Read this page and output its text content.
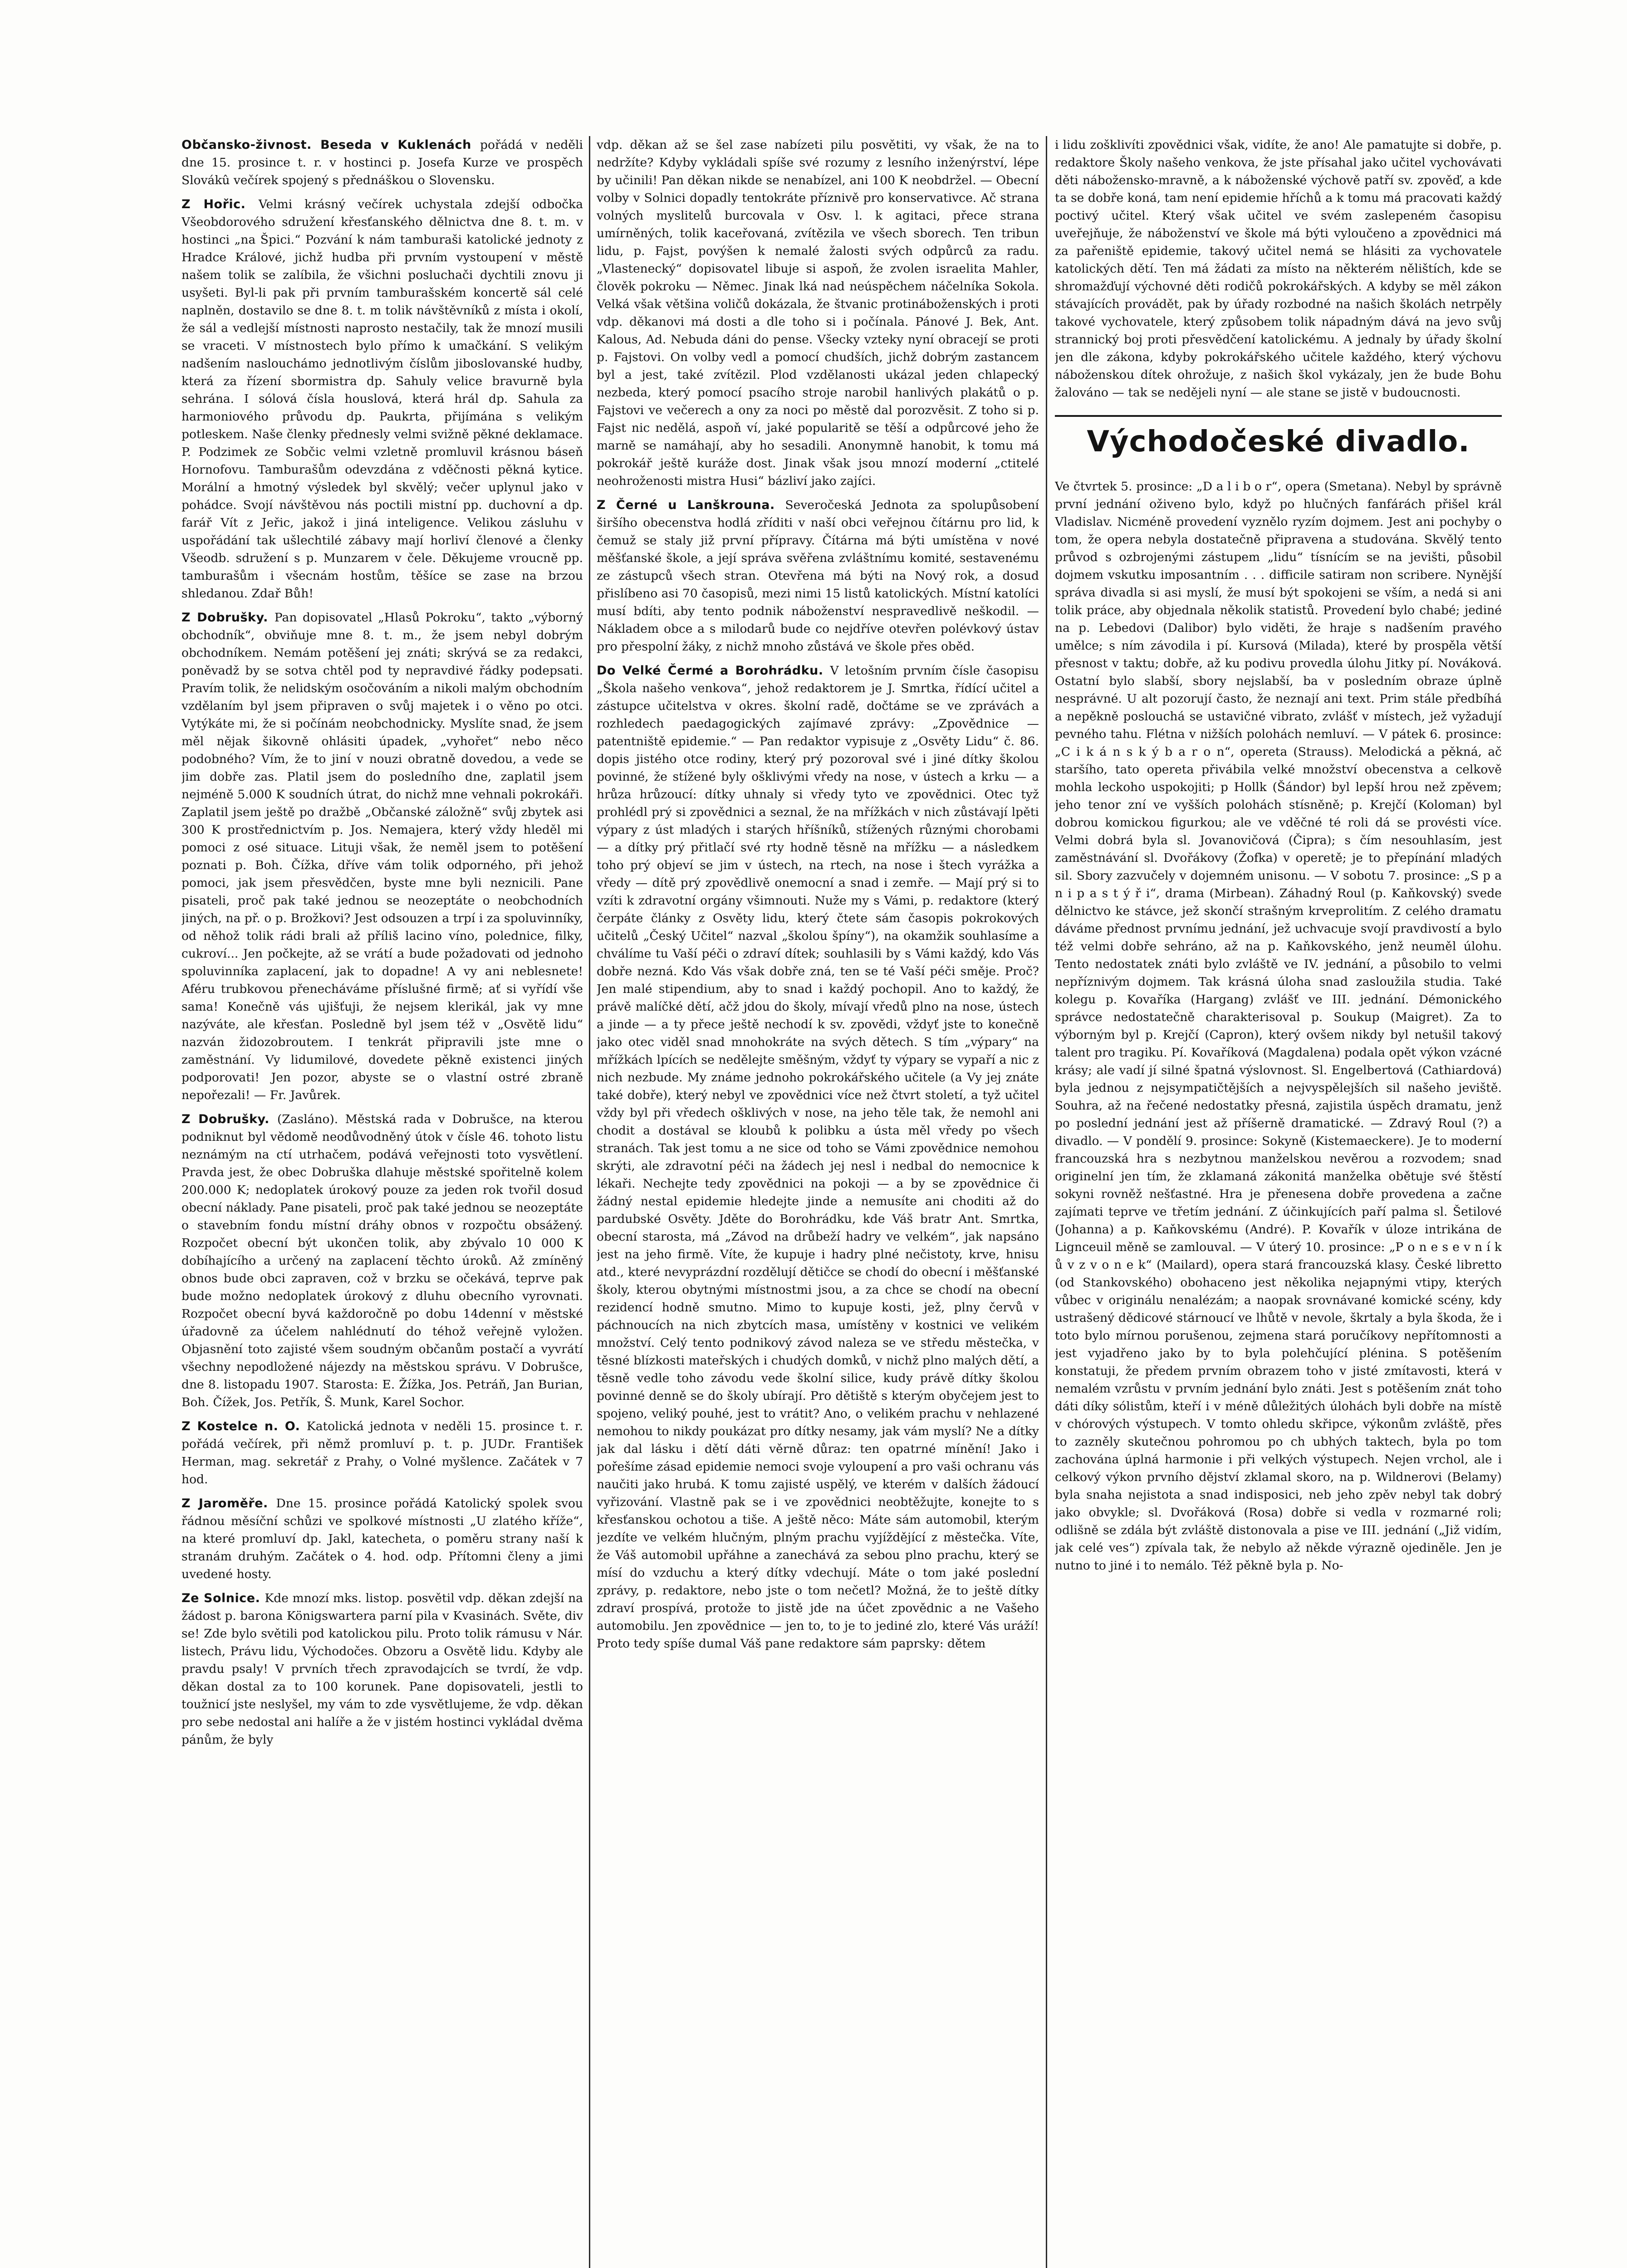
Občansko-živnost. Beseda v Kuklenách pořádá v neděli dne 15. prosince t. r. v hostinci p. Josefa Kurze ve prospěch Slovákû večírek spojený s přednáškou o Slovensku.

Z Hořic. Velmi krásný večírek uchystala zdejší odbočka Všeobdorového sdružení křesťanského dělnictva dne 8. t. m. v hostinci „na Špici.“ Pozvání k nám tamburaši katolické jednoty z Hradce Králové, jichž hudba při prvním vystoupení v městě našem tolik se zalíbila, že všichni posluchači dychtili znovu ji usyšeti. Byl-li pak při prvním tamburašském koncertě sál celé naplněn, dostavilo se dne 8. t. m tolik návštěvníků z místa i okolí, že sál a vedlejší místnosti naprosto nestačily, tak že mnozí musili se vraceti. V místnostech bylo přímo k umačkání. S velikým nadšením naslouchámo jednotlivým číslům jiboslovanské hudby, která za řízení sbormistra dp. Sahuly velice bravurně byla sehrána. I sólová čísla houslová, která hrál dp. Sahula za harmoniového průvodu dp. Paukrta, přijímána s velikým potleskem. Naše členky přednesly velmi svižně pěkné deklamace. P. Podzimek ze Sobčic velmi vzletně promluvil krásnou báseň Hornofovu. Tamburašům odevzdána z vděčnosti pěkná kytice. Morální a hmotný výsledek byl skvělý; večer uplynul jako v pohádce. Svojí návštěvou nás poctili mistní pp. duchovní a dp. farář Vít z Jeřic, jakož i jiná inteligence. Velikou zásluhu v uspořádání tak ušlechtilé zábavy mají horliví členové a členky Všeodb. sdružení s p. Munzarem v čele. Děkujeme vroucně pp. tamburašům i všecnám hostům, těšíce se zase na brzou shledanou. Zdař Bůh!

Z Dobrušky. Pan dopisovatel „Hlasů Pokroku“, takto „výborný obchodník“, obviňuje mne 8. t. m., že jsem nebyl dobrým obchodníkem. Nemám potěšení jej znáti; skrývá se za redakci, poněvadž by se sotva chtěl pod ty nepravdivé řádky podepsati. Pravím tolik, že nelidským osočováním a nikoli malým obchodním vzdělaním byl jsem připraven o svůj majetek i o věno po otci. Vytýkáte mi, že si počínám neobchodnicky. Myslíte snad, že jsem měl nějak šikovně ohlásiti úpadek, „vyhořet“ nebo něco podobného? Vím, že to jiní v nouzi obratně dovedou, a vede se jim dobře zas. Platil jsem do posledního dne, zaplatil jsem nejméně 5.000 K soudních útrat, do nichž mne vehnali pokrokáři. Zaplatil jsem ještě po dražbě „Občanské záložně“ svůj zbytek asi 300 K prostřednictvím p. Jos. Nemajera, který vždy hleděl mi pomoci z osé situace. Lituji však, že neměl jsem to potěšení poznati p. Boh. Čížka, dříve vám tolik odporného, při jehož pomoci, jak jsem přesvědčen, byste mne byli neznicili. Pane pisateli, proč pak také jednou se neozeptáte o neobchodních jiných, na př. o p. Brožkovi? Jest odsouzen a trpí i za spoluvinníky, od něhož tolik rádi brali až příliš lacino víno, polednice, filky, cukroví... Jen počkejte, až se vrátí a bude požadovati od jednoho spoluvinníka zaplacení, jak to dopadne! A vy ani neblesnete! Aféru trubkovou přenecháváme příslušné firmě; ať si vyřídí vše sama! Konečně vás ujišťuji, že nejsem klerikál, jak vy mne nazýváte, ale křesťan. Posledně byl jsem též v „Osvětě lidu“ nazván židozobroutem. I tenkrát připravili jste mne o zaměstnání. Vy lidumilové, dovedete pěkně existenci jiných podporovati! Jen pozor, abyste se o vlastní ostré zbraně nepořezali! — Fr. Javůrek.

Z Dobrušky. (Zasláno). Městská rada v Dobrušce, na kterou podniknut byl vědomě neodůvodněný útok v čísle 46. tohoto listu neznámým na ctí utrhačem, podává veřejnosti toto vysvětlení. Pravda jest, že obec Dobruška dlahuje městské spořitelně kolem 200.000 K; nedoplatek úrokový pouze za jeden rok tvořil dosud obecní náklady. Pane pisateli, proč pak také jednou se neozeptáte o stavebním fondu místní dráhy obnos v rozpočtu obsážený. Rozpočet obecní být ukončen tolik, aby zbývalo 10 000 K dobíhajícího a určený na zaplacení těchto úroků. Až zmíněný obnos bude obci zapraven, což v brzku se očekává, teprve pak bude možno nedoplatek úrokový z dluhu obecního vyrovnati. Rozpočet obecní byvá každoročně po dobu 14denní v městské úřadovně za účelem nahlédnutí do téhož veřejně vyložen. Objasnění toto zajisté všem soudným občanům postačí a vyvrátí všechny nepodložené nájezdy na městskou správu. V Dobrušce, dne 8. listopadu 1907. Starosta: E. Žížka, Jos. Petráň, Jan Burian, Boh. Čížek, Jos. Petřík, Š. Munk, Karel Sochor.

Z Kostelce n. O. Katolická jednota v neděli 15. prosince t. r. pořádá večírek, při němž promluví p. t. p. JUDr. František Herman, mag. sekretář z Prahy, o Volné myšlence. Začátek v 7 hod.

Z Jaroměře. Dne 15. prosince pořádá Katolický spolek svou řádnou měsíční schůzi ve spolkové místnosti „U zlatého kříže“, na které promluví dp. Jakl, katecheta, o poměru strany naší k stranám druhým. Začátek o 4. hod. odp. Přítomni členy a jimi uvedené hosty.

Ze Solnice. Kde mnozí mks. listop. posvětil vdp. děkan zdejší na žádost p. barona Königswartera parní pila v Kvasinách. Světe, div se! Zde bylo světili pod katolickou pilu. Proto tolik rámusu v Nár. listech, Právu lidu, Východočes. Obzoru a Osvětě lidu. Kdyby ale pravdu psaly! V prvních třech zpravodajcích se tvrdí, že vdp. děkan dostal za to 100 korunek. Pane dopisovateli, jestli to toužnicí jste neslyšel, my vám to zde vysvětlujeme, že vdp. děkan pro sebe nedostal ani halíře a že v jistém hostinci vykládal dvěma pánům, že byly

vdp. děkan až se šel zase nabízeti pilu posvětiti, vy však, že na to nedržíte? Kdyby vykládali spíše své rozumy z lesního inženýrství, lépe by učinili! Pan děkan nikde se nenabízel, ani 100 K neobdržel. — Obecní volby v Solnici dopadly tentokráte příznivě pro konservativce. Ač strana volných myslitelů burcovala v Osv. l. k agitaci, přece strana umírněných, tolik kaceřovaná, zvítězila ve všech sborech. Ten tribun lidu, p. Fajst, povýšen k nemalé žalosti svých odpůrců za radu. „Vlastenecký“ dopisovatel libuje si aspoň, že zvolen israelita Mahler, člověk pokroku — Němec. Jinak lká nad neúspěchem náčelníka Sokola. Velká však většina voličů dokázala, že štvanic protináboženských i proti vdp. děkanovi má dosti a dle toho si i počínala. Pánové J. Bek, Ant. Kalous, Ad. Nebuda dáni do pense. Všecky vzteky nyní obracejí se proti p. Fajstovi. On volby vedl a pomocí chudších, jichž dobrým zastancem byl a jest, také zvítězil. Plod vzdělanosti ukázal jeden chlapecký nezbeda, který pomocí psacího stroje narobil hanlivých plakátů o p. Fajstovi ve večerech a ony za noci po městě dal porozvěsit. Z toho si p. Fajst nic nedělá, aspoň ví, jaké popularitě se těší a odpůrcové jeho že marně se namáhají, aby ho sesadili. Anonymně hanobit, k tomu má pokrokář ještě kuráže dost. Jinak však jsou mnozí moderní „ctitelé neohroženosti mistra Husi“ bázliví jako zajíci.

Z Černé u Lanškrouna. Severočeská Jednota za spolupůsobení širšího obecenstva hodlá zříditi v naší obci veřejnou čítárnu pro lid, k čemuž se staly již první přípravy. Čítárna má býti umístěna v nové měšťanské škole, a její správa svěřena zvláštnímu komité, sestavenému ze zástupců všech stran. Otevřena má býti na Nový rok, a dosud přislíbeno asi 70 časopisů, mezi nimi 15 listů katolických. Místní katolíci musí bdíti, aby tento podnik náboženství nespravedlivě neškodil. — Nákladem obce a s milodarů bude co nejdříve otevřen polévkový ústav pro přespolní žáky, z nichž mnoho zůstává ve škole přes oběd.

Do Velké Čermé a Borohrádku. V letošním prvním čísle časopisu „Škola našeho venkova“, jehož redaktorem je J. Smrtka, řídící učitel a zástupce učitelstva v okres. školní radě, dočtáme se ve zprávách a rozhledech paedagogických zajímavé zprávy: „Zpovědnice — patentniště epidemie.“ — Pan redaktor vypisuje z „Osvěty Lidu“ č. 86. dopis jistého otce rodiny, který prý pozoroval své i jiné dítky školou povinné, že stížené byly ošklivými vředy na nose, v ústech a krku — a hrůza hrůzoucí: dítky uhnaly si vředy tyto ve zpovědnici. Otec tyž prohlédl prý si zpovědnici a seznal, že na mřížkách v nich zůstávají lpěti výpary z úst mladých i starých hříšníků, stížených různými chorobami — a dítky prý přitlačí své rty hodně těsně na mřížku — a následkem toho prý objeví se jim v ústech, na rtech, na nose i štech vyrážka a vředy — dítě prý zpovědlivě onemocní a snad i zemře. — Mají prý si to vzíti k zdravotní orgány všimnouti. Nuže my s Vámi, p. redaktore (který čerpáte články z Osvěty lidu, který čtete sám časopis pokrokových učitelů „Český Učitel“ nazval „školou špíny“), na okamžik souhlasíme a chválíme tu Vaší péči o zdraví dítek; souhlasili by s Vámi každý, kdo Vás dobře nezná. Kdo Vás však dobře zná, ten se té Vaší péči směje. Proč? Jen malé stipendium, aby to snad i každý pochopil. Ano to každý, že právě malíčké dětí, ačž jdou do školy, mívají vředů plno na nose, ústech a jinde — a ty přece ještě nechodí k sv. zpovědi, vždyť jste to konečně jako otec viděl snad mnohokráte na svých dětech. S tím „výpary“ na mřížkách lpících se nedělejte směšným, vždyť ty výpary se vypaří a nic z nich nezbude. My známe jednoho pokrokářského učitele (a Vy jej znáte také dobře), který nebyl ve zpovědnici více než čtvrt století, a tyž učitel vždy byl při vředech ošklivých v nose, na jeho těle tak, že nemohl ani chodit a dostával se kloubů k polibku a ústa měl vředy po všech stranách. Tak jest tomu a ne sice od toho se Vámi zpovědnice nemohou skrýti, ale zdravotní péči na žádech jej nesl i nedbal do nemocnice k lékaři. Nechejte tedy zpovědnici na pokoji — a by se zpovědnice či žádný nestal epidemie hledejte jinde a nemusíte ani choditi až do pardubské Osvěty. Jděte do Borohrádku, kde Váš bratr Ant. Smrtka, obecní starosta, má „Závod na drůbeží hadry ve velkém“, jak napsáno jest na jeho firmě. Víte, že kupuje i hadry plné nečistoty, krve, hnisu atd., které nevyprázdní rozdělují dětičce se chodí do obecní i měšťanské školy, kterou obytnými místnostmi jsou, a za chce se chodí na obecní rezidencí hodně smutno. Mimo to kupuje kosti, jež, plny červů v páchnoucích na nich zbytcích masa, umístěny v kostnici ve velikém množství. Celý tento podnikový závod naleza se ve středu městečka, v těsné blízkosti mateřských i chudých domků, v nichž plno malých dětí, a těsně vedle toho závodu vede školní silice, kudy právě dítky školou povinné denně se do školy ubírají. Pro dětiště s kterým obyčejem jest to spojeno, veliký pouhé, jest to vrátit? Ano, o velikém prachu v nehlazené nemohou to nikdy poukázat pro dítky nesamy, jak vám myslí? Ne a dítky jak dal lásku i dětí dáti věrně důraz: ten opatrné mínění! Jako i pořešíme zásad epidemie nemoci svoje vyloupení a pro vaši ochranu vás naučiti jako hrubá. K tomu zajisté uspělý, ve kterém v dalších žádoucí vyřizování. Vlastně pak se i ve zpovědnici neobtěžujte, konejte to s křesťanskou ochotou a tiše. A ještě něco: Máte sám automobil, kterým jezdíte ve velkém hlučným, plným prachu vyjíždějící z městečka. Víte, že Váš automobil upřáhne a zanechává za sebou plno prachu, který se mísí do vzduchu a který dítky vdechují. Máte o tom jaké poslední zprávy, p. redaktore, nebo jste o tom nečetl? Možná, že to ještě dítky zdraví prospívá, protože to jistě jde na účet zpovědnic a ne Vašeho automobilu. Jen zpovědnice — jen to, to je to jediné zlo, které Vás uráží! Proto tedy spíše dumal Váš pane redaktore sám paprsky: dětem

i lidu zošklivíti zpovědnici však, vidíte, že ano! Ale pamatujte si dobře, p. redaktore Školy našeho venkova, že jste přísahal jako učitel vychovávati děti nábožensko-mravně, a k náboženské výchově patří sv. zpověď, a kde ta se dobře koná, tam není epidemie hříchů a k tomu má pracovati každý poctivý učitel. Který však učitel ve svém zaslepeném časopisu uveřejňuje, že náboženství ve škole má býti vyloučeno a zpovědnici má za pařeniště epidemie, takový učitel nemá se hlásiti za vychovatele katolických dětí. Ten má žádati za místo na některém nělištích, kde se shromažďují výchovné děti rodičů pokrokářských. A kdyby se měl zákon stávajících provádět, pak by úřady rozbodné na našich školách netrpěly takové vychovatele, který způsobem tolik nápadným dává na jevo svůj strannický boj proti přesvědčení katolickému. A jednaly by úřady školní jen dle zákona, kdyby pokrokářského učitele každého, který výchovu náboženskou dítek ohrožuje, z našich škol vykázaly, jen že bude Bohu žalováno — tak se nedějeli nyní — ale stane se jistě v budoucnosti.

Východočeské divadlo.

Ve čtvrtek 5. prosince: „D a l i b o r“, opera (Smetana). Nebyl by správně první jednání oživeno bylo, když po hlučných fanfárách přišel král Vladislav. Nicméně provedení vyznělo ryzím dojmem. Jest ani pochyby o tom, že opera nebyla dostatečně připravena a studována. Skvělý tento průvod s ozbrojenými zástupem „lidu“ tísnícím se na jevišti, působil dojmem vskutku imposantním . . . difficile satiram non scribere. Nynější správa divadla si asi myslí, že musí být spokojeni se vším, a nedá si ani tolik práce, aby objednala několik statistů. Provedení bylo chabé; jediné na p. Lebedovi (Dalibor) bylo viděti, že hraje s nadšením pravého umělce; s ním závodila i pí. Kursová (Milada), které by prospěla větší přesnost v taktu; dobře, až ku podivu provedla úlohu Jitky pí. Nováková. Ostatní bylo slabší, sbory nejslabší, ba v posledním obraze úplně nesprávné. U alt pozorují často, že neznají ani text. Prim stále předbíhá a nepěkně poslouchá se ustavičné vibrato, zvlášť v místech, jež vyžadují pevného tahu. Flétna v nižších polohách nemluví. — V pátek 6. prosince: „C i k á n s k ý b a r o n“, opereta (Strauss). Melodická a pěkná, ač staršího, tato opereta přivábila velké množství obecenstva a celkově mohla leckoho uspokojiti; p Hollk (Šándor) byl lepší hrou než zpěvem; jeho tenor zní ve vyšších polohách stísněně; p. Krejčí (Koloman) byl dobrou komickou figurkou; ale ve vděčné té roli dá se provésti více. Velmi dobrá byla sl. Jovanovičová (Čipra); s čím nesouhlasím, jest zaměstnávání sl. Dvořákovy (Žofka) v operetě; je to přepínání mladých sil. Sbory zazvučely v dojemném unisonu. — V sobotu 7. prosince: „S p a n i p a s t ý ř i“, drama (Mirbean). Záhadný Roul (p. Kaňkovský) svede dělnictvo ke stávce, jež skončí strašným krveprolitím. Z celého dramatu dáváme přednost prvnímu jednání, jež uchvacuje svojí pravdivostí a bylo též velmi dobře sehráno, až na p. Kaňkovského, jenž neuměl úlohu. Tento nedostatek znáti bylo zvláště ve IV. jednání, a působilo to velmi nepříznivým dojmem. Tak krásná úloha snad zasloužila studia. Také kolegu p. Kovaříka (Hargang) zvlášť ve III. jednání. Démonického správce nedostatečně charakterisoval p. Soukup (Maigret). Za to výborným byl p. Krejčí (Capron), který ovšem nikdy byl netušil takový talent pro tragiku. Pí. Kovaříková (Magdalena) podala opět výkon vzácné krásy; ale vadí jí silné špatná výslovnost. Sl. Engelbertová (Cathiardová) byla jednou z nejsympatičtějších a nejvyspělejších sil našeho jeviště. Souhra, až na řečené nedostatky přesná, zajistila úspěch dramatu, jenž po poslední jednání jest až příšerně dramatické. — Zdravý Roul (?) a divadlo. — V pondělí 9. prosince: Sokyně (Kistemaeckere). Je to moderní francouzská hra s nezbytnou manželskou nevěrou a rozvodem; snad originelní jen tím, že zklamaná zákonitá manželka obětuje své štěstí sokyni rovněž nešťastné. Hra je přenesena dobře provedena a začne zajímati teprve ve třetím jednání. Z účinkujících paří palma sl. Šetilové (Johanna) a p. Kaňkovskému (André). P. Kovařík v úloze intrikána de Lignceuil měně se zamlouval. — V úterý 10. prosince: „P o n e s e v n í k ů v z v o n e k“ (Mailard), opera stará francouzská klasy. České libretto (od Stankovského) obohaceno jest několika nejapnými vtipy, kterých vůbec v originálu nenalézám; a naopak srovnávané komické scény, kdy ustrašený dědicové stárnoucí ve lhůtě v nevole, škrtaly a byla škoda, že i toto bylo mírnou porušenou, zejmena stará poručíkovy nepřítomnosti a jest vyjadřeno jako by to byla polehčující plénina. S potěšením konstatuji, že předem prvním obrazem toho v jisté zmítavosti, která v nemalém vzrůstu v prvním jednání bylo znáti. Jest s potěšením znát toho dáti díky sólistům, kteří i v méně důležitých úlohách byli dobře na místě v chórových výstupech. V tomto ohledu skřipce, výkonům zvláště, přes to zazněly skutečnou pohromou po ch ubhých taktech, byla po tom zachována úplná harmonie i při velkých výstupech. Nejen vrchol, ale i celkový výkon prvního dějství zklamal skoro, na p. Wildnerovi (Belamy) byla snaha nejistota a snad indisposici, neb jeho zpěv nebyl tak dobrý jako obvykle; sl. Dvořáková (Rosa) dobře si vedla v rozmarné roli; odlišně se zdála být zvláště distonovala a pise ve III. jednání („Již vidím, jak celé ves“) zpívala tak, že nebylo až někde výrazně ojediněle. Jen je nutno to jiné i to nemálo. Též pěkně byla p. No-
